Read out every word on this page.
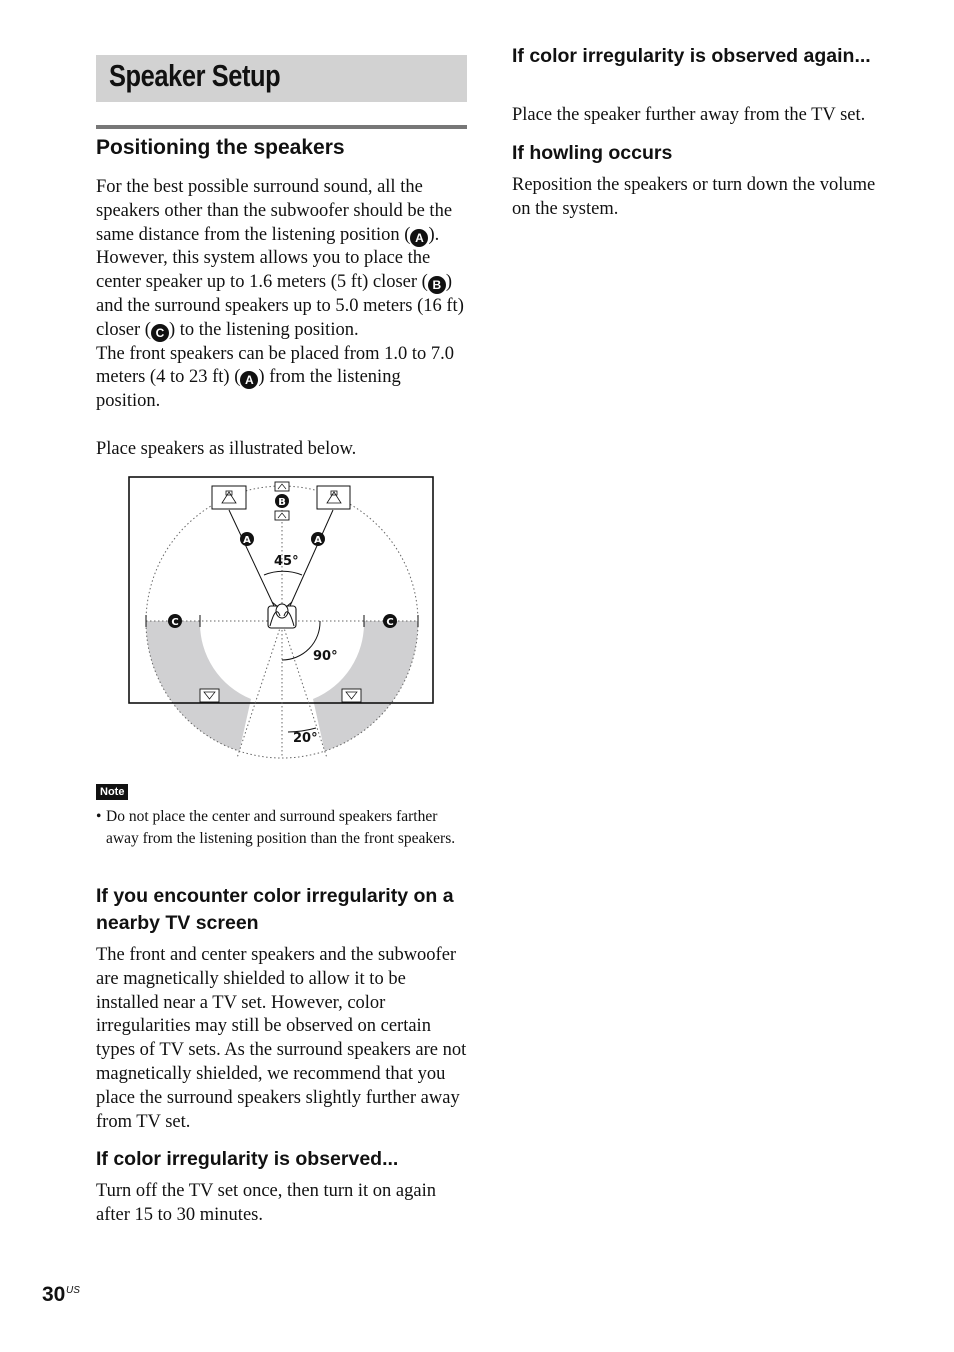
Speaker Setup
Positioning the speakers
For the best possible surround sound, all the speakers other than the subwoofer should be the same distance from the listening position ( A ). However, this system allows you to place the center speaker up to 1.6 meters (5 ft) closer ( B ) and the surround speakers up to 5.0 meters (16 ft) closer ( C ) to the listening position.
The front speakers can be placed from 1.0 to 7.0 meters (4 to 23 ft) ( A ) from the listening position.
Place speakers as illustrated below.
B
A	A
C	C
45°
90°
20°
Note
• Do not place the center and surround speakers farther away from the listening position than the front speakers.
If you encounter color irregularity on a nearby TV screen
The front and center speakers and the subwoofer are magnetically shielded to allow it to be installed near a TV set. However, color irregularities may still be observed on certain types of TV sets. As the surround speakers are not magnetically shielded, we recommend that you place the surround speakers slightly further away from TV set.
If color irregularity is observed...
Turn off the TV set once, then turn it on again after 15 to 30 minutes.
If color irregularity is observed again...
Place the speaker further away from the TV set.
If howling occurs
Reposition the speakers or turn down the volume on the system.
30 US
